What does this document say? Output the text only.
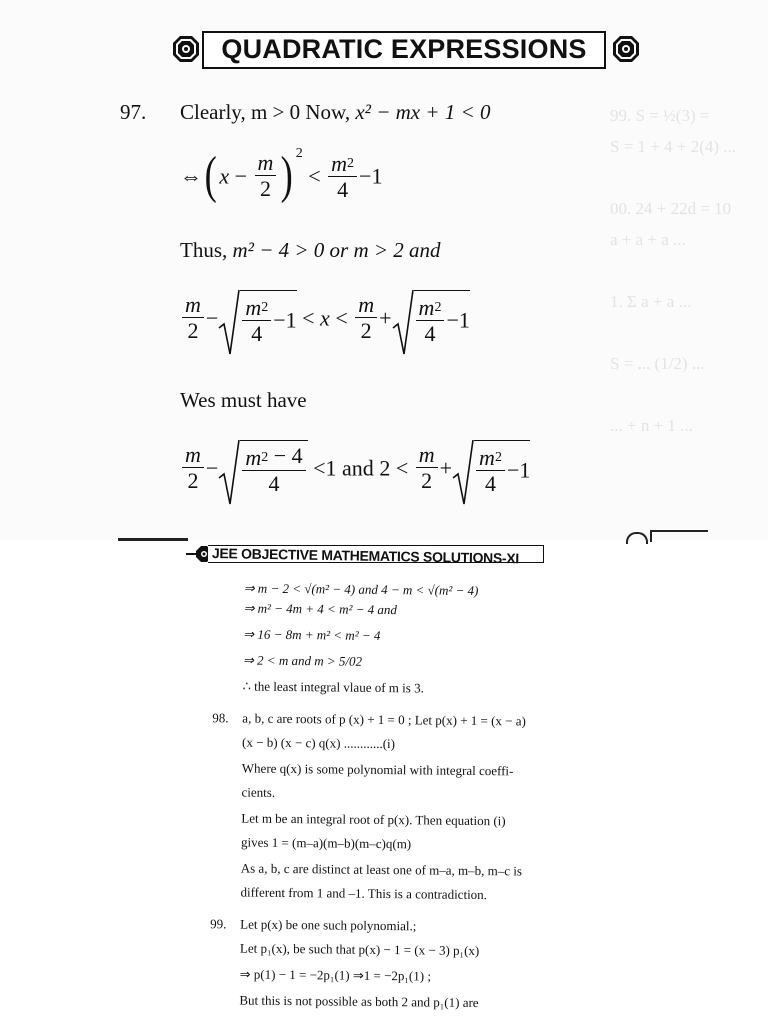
99. S = ½(3) =
S = 1 + 4 + 2(4) ...

00. 24 + 22d = 10
a + a + a ...

1. Σ a + a ...

S = ... (1/2) ...

... + n + 1 ...
QUADRATIC EXPRESSIONS
97. Clearly, m > 0 Now, x² − mx + 1 < 0
⇔( $x - \frac{m}{2}$ ) $^2 < \frac{m2}{4} -1$
Thus, m² − 4 > 0 or m > 2 and
$\frac{m}{2} - \frac{m2}{4} -1 < x < \frac{m}{2} + \frac{m2}{4} -1$
Wes must have
$\frac{m}{2} - \frac{m2 - 4}{4} <1$ and $2 < \frac{m}{2} + \frac{m2}{4} -1$
JEE OBJECTIVE MATHEMATICS SOLUTIONS-XI
⇒ m − 2 < √(m² − 4) and 4 − m < √(m² − 4)
⇒ m² − 4m + 4 < m² − 4 and
⇒ 16 − 8m + m² < m² − 4
⇒ 2 < m and m > 5/02
∴ the least integral vlaue of m is 3.
98. a, b, c are roots of p (x) + 1 = 0 ; Let p(x) + 1 = (x − a)
(x − b) (x − c) q(x) ............(i)
Where q(x) is some polynomial with integral coeffi-
cients.
Let m be an integral root of p(x). Then equation (i)
gives 1 = (m–a)(m–b)(m–c)q(m)
As a, b, c are distinct at least one of m–a, m–b, m–c is
different from 1 and –1. This is a contradiction.
99. Let p(x) be one such polynomial.;
Let p₁(x), be such that p(x) − 1 = (x − 3) p₁(x)
⇒ p(1) − 1 = −2p₁(1) ⇒1 = −2p₁(1) ;
But this is not possible as both 2 and p₁(1) are
